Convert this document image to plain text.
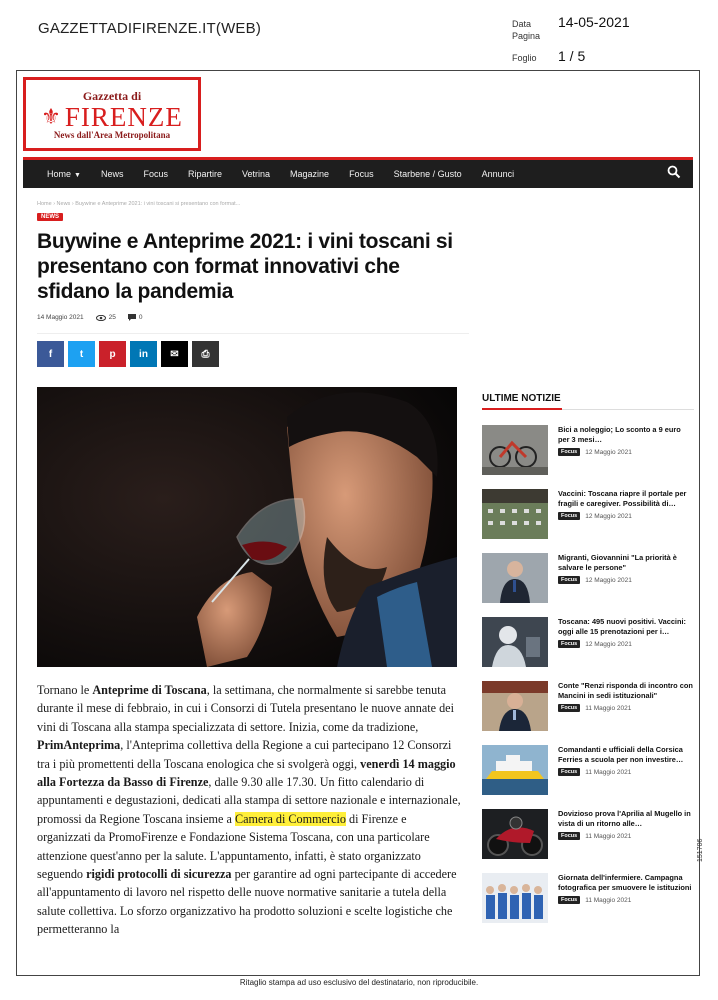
GAZZETTADIFIRENZE.IT(WEB)	Data	14-05-2021
Pagina
Foglio	1 / 5
Gazzetta di
⚜ FIRENZE
News dall'Area Metropolitana
Home ▼ News Focus Ripartire Vetrina Magazine Focus Starbene / Gusto Annunci
Home › News › Buywine e Anteprime 2021: i vini toscani si presentano con format...
NEWS
Buywine e Anteprime 2021: i vini toscani si presentano con format innovativi che sfidano la pandemia
14 Maggio 2021	25	0
f	t	p	in	✉	⎙

Tornano le Anteprime di Toscana, la settimana, che normalmente si sarebbe tenuta durante il mese di febbraio, in cui i Consorzi di Tutela presentano le nuove annate dei vini di Toscana alla stampa specializzata di settore. Inizia, come da tradizione, PrimAnteprima, l'Anteprima collettiva della Regione a cui partecipano 12 Consorzi tra i più promettenti della Toscana enologica che si svolgerà oggi, venerdì 14 maggio alla Fortezza da Basso di Firenze, dalle 9.30 alle 17.30. Un fitto calendario di appuntamenti e degustazioni, dedicati alla stampa di settore nazionale e internazionale, promossi da Regione Toscana insieme a Camera di Commercio di Firenze e organizzati da PromoFirenze e Fondazione Sistema Toscana, con una particolare attenzione quest'anno per la salute. L'appuntamento, infatti, è stato organizzato seguendo rigidi protocolli di sicurezza per garantire ad ogni partecipante di accedere all'appuntamento di lavoro nel rispetto delle nuove normative sanitarie a tutela della salute collettiva. Lo sforzo organizzativo ha prodotto soluzioni e scelte logistiche che permetteranno la

ULTIME NOTIZIE
Bici a noleggio; Lo sconto a 9 euro per 3 mesi…
Focus	12 Maggio 2021
Vaccini: Toscana riapre il portale per fragili e caregiver. Possibilità di…
Focus	12 Maggio 2021
Migranti, Giovannini "La priorità è salvare le persone"
Focus	12 Maggio 2021
Toscana: 495 nuovi positivi. Vaccini: oggi alle 15 prenotazioni per i…
Focus	12 Maggio 2021
Conte "Renzi risponda di incontro con Mancini in sedi istituzionali"
Focus	11 Maggio 2021
Comandanti e ufficiali della Corsica Ferries a scuola per non investire…
Focus	11 Maggio 2021
Dovizioso prova l'Aprilia al Mugello in vista di un ritorno alle…
Focus	11 Maggio 2021
Giornata dell'infermiere. Campagna fotografica per smuovere le istituzioni
Focus	11 Maggio 2021
151706
Ritaglio stampa ad uso esclusivo del destinatario, non riproducibile.
